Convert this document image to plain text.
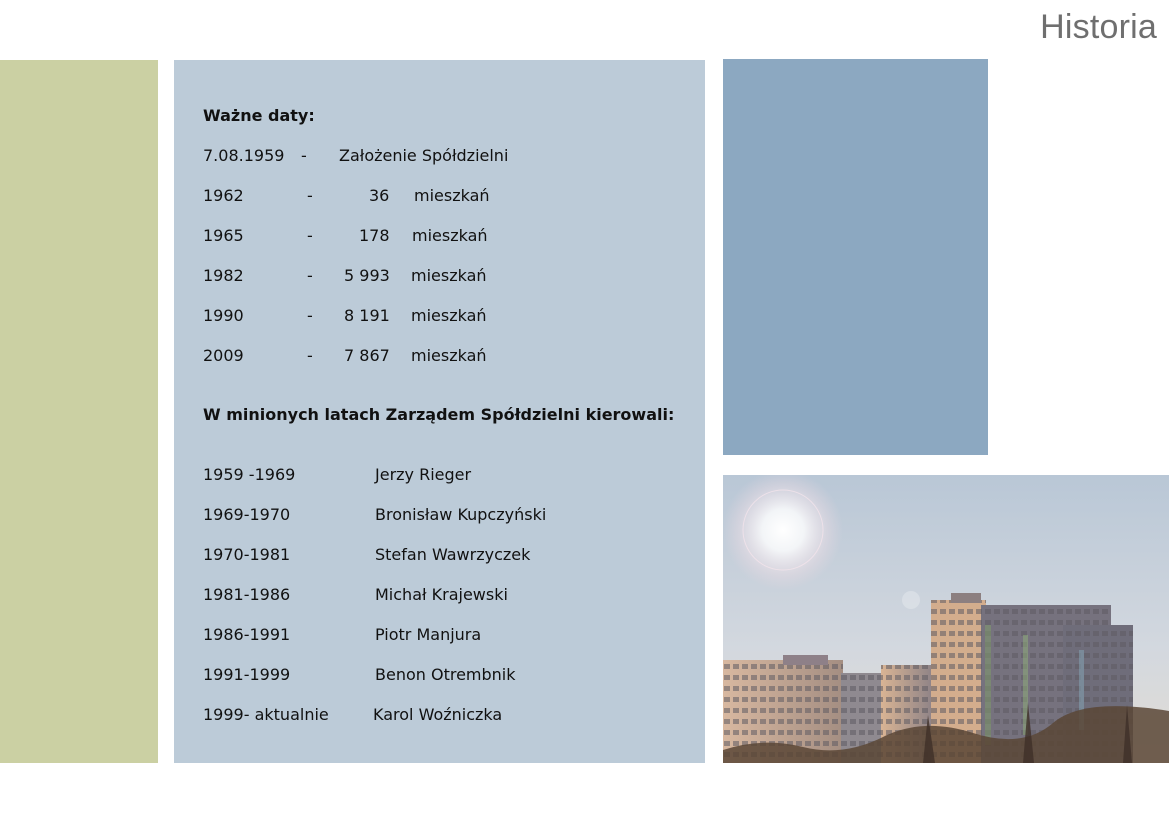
Historia
Ważne daty:
7.08.1959 - Założenie Spółdzielni
1962	-	36 mieszkań
1965	-	178 mieszkań
1982	- 5 993 mieszkań
1990	- 8 191 mieszkań
2009	- 7 867 mieszkań
W minionych latach Zarządem Spółdzielni kierowali:
1959 -1969	Jerzy Rieger
1969-1970	Bronisław Kupczyński
1970-1981	Stefan Wawrzyczek
1981-1986	Michał Krajewski
1986-1991	Piotr Manjura
1991-1999	Benon Otrembnik
1999- aktualnie	Karol Woźniczka
